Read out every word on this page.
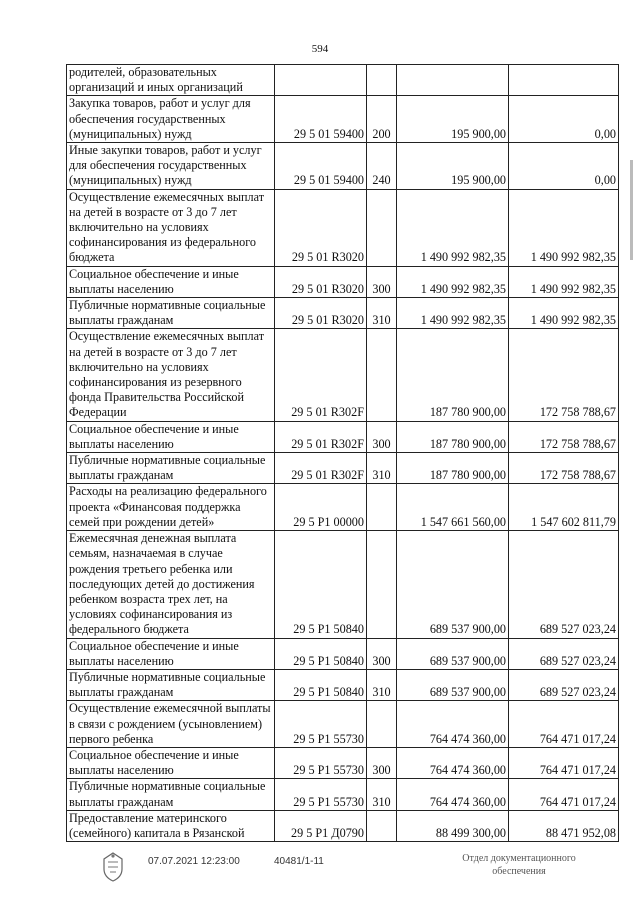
594
родителей, образовательных организаций и иных организаций				
Закупка товаров, работ и услуг для обеспечения государственных (муниципальных) нужд	29 5 01 59400	200	195 900,00	0,00
Иные закупки товаров, работ и услуг для обеспечения государственных (муниципальных) нужд	29 5 01 59400	240	195 900,00	0,00
Осуществление ежемесячных выплат на детей в возрасте от 3 до 7 лет включительно на условиях софинансирования из федерального бюджета	29 5 01 R3020		1 490 992 982,35	1 490 992 982,35
Социальное обеспечение и иные выплаты населению	29 5 01 R3020	300	1 490 992 982,35	1 490 992 982,35
Публичные нормативные социальные выплаты гражданам	29 5 01 R3020	310	1 490 992 982,35	1 490 992 982,35
Осуществление ежемесячных выплат на детей в возрасте от 3 до 7 лет включительно на условиях софинансирования из резервного фонда Правительства Российской Федерации	29 5 01 R302F		187 780 900,00	172 758 788,67
Социальное обеспечение и иные выплаты населению	29 5 01 R302F	300	187 780 900,00	172 758 788,67
Публичные нормативные социальные выплаты гражданам	29 5 01 R302F	310	187 780 900,00	172 758 788,67
Расходы на реализацию федерального проекта «Финансовая поддержка семей при рождении детей»	29 5 P1 00000		1 547 661 560,00	1 547 602 811,79
Ежемесячная денежная выплата семьям, назначаемая в случае рождения третьего ребенка или последующих детей до достижения ребенком возраста трех лет, на условиях софинансирования из федерального бюджета	29 5 P1 50840		689 537 900,00	689 527 023,24
Социальное обеспечение и иные выплаты населению	29 5 P1 50840	300	689 537 900,00	689 527 023,24
Публичные нормативные социальные выплаты гражданам	29 5 P1 50840	310	689 537 900,00	689 527 023,24
Осуществление ежемесячной выплаты в связи с рождением (усыновлением) первого ребенка	29 5 P1 55730		764 474 360,00	764 471 017,24
Социальное обеспечение и иные выплаты населению	29 5 P1 55730	300	764 474 360,00	764 471 017,24
Публичные нормативные социальные выплаты гражданам	29 5 P1 55730	310	764 474 360,00	764 471 017,24
Предоставление материнского (семейного) капитала в Рязанской	29 5 P1 Д0790		88 499 300,00	88 471 952,08
07.07.2021 12:23:00	40481/1-11	Отдел документационного
обеспечения
